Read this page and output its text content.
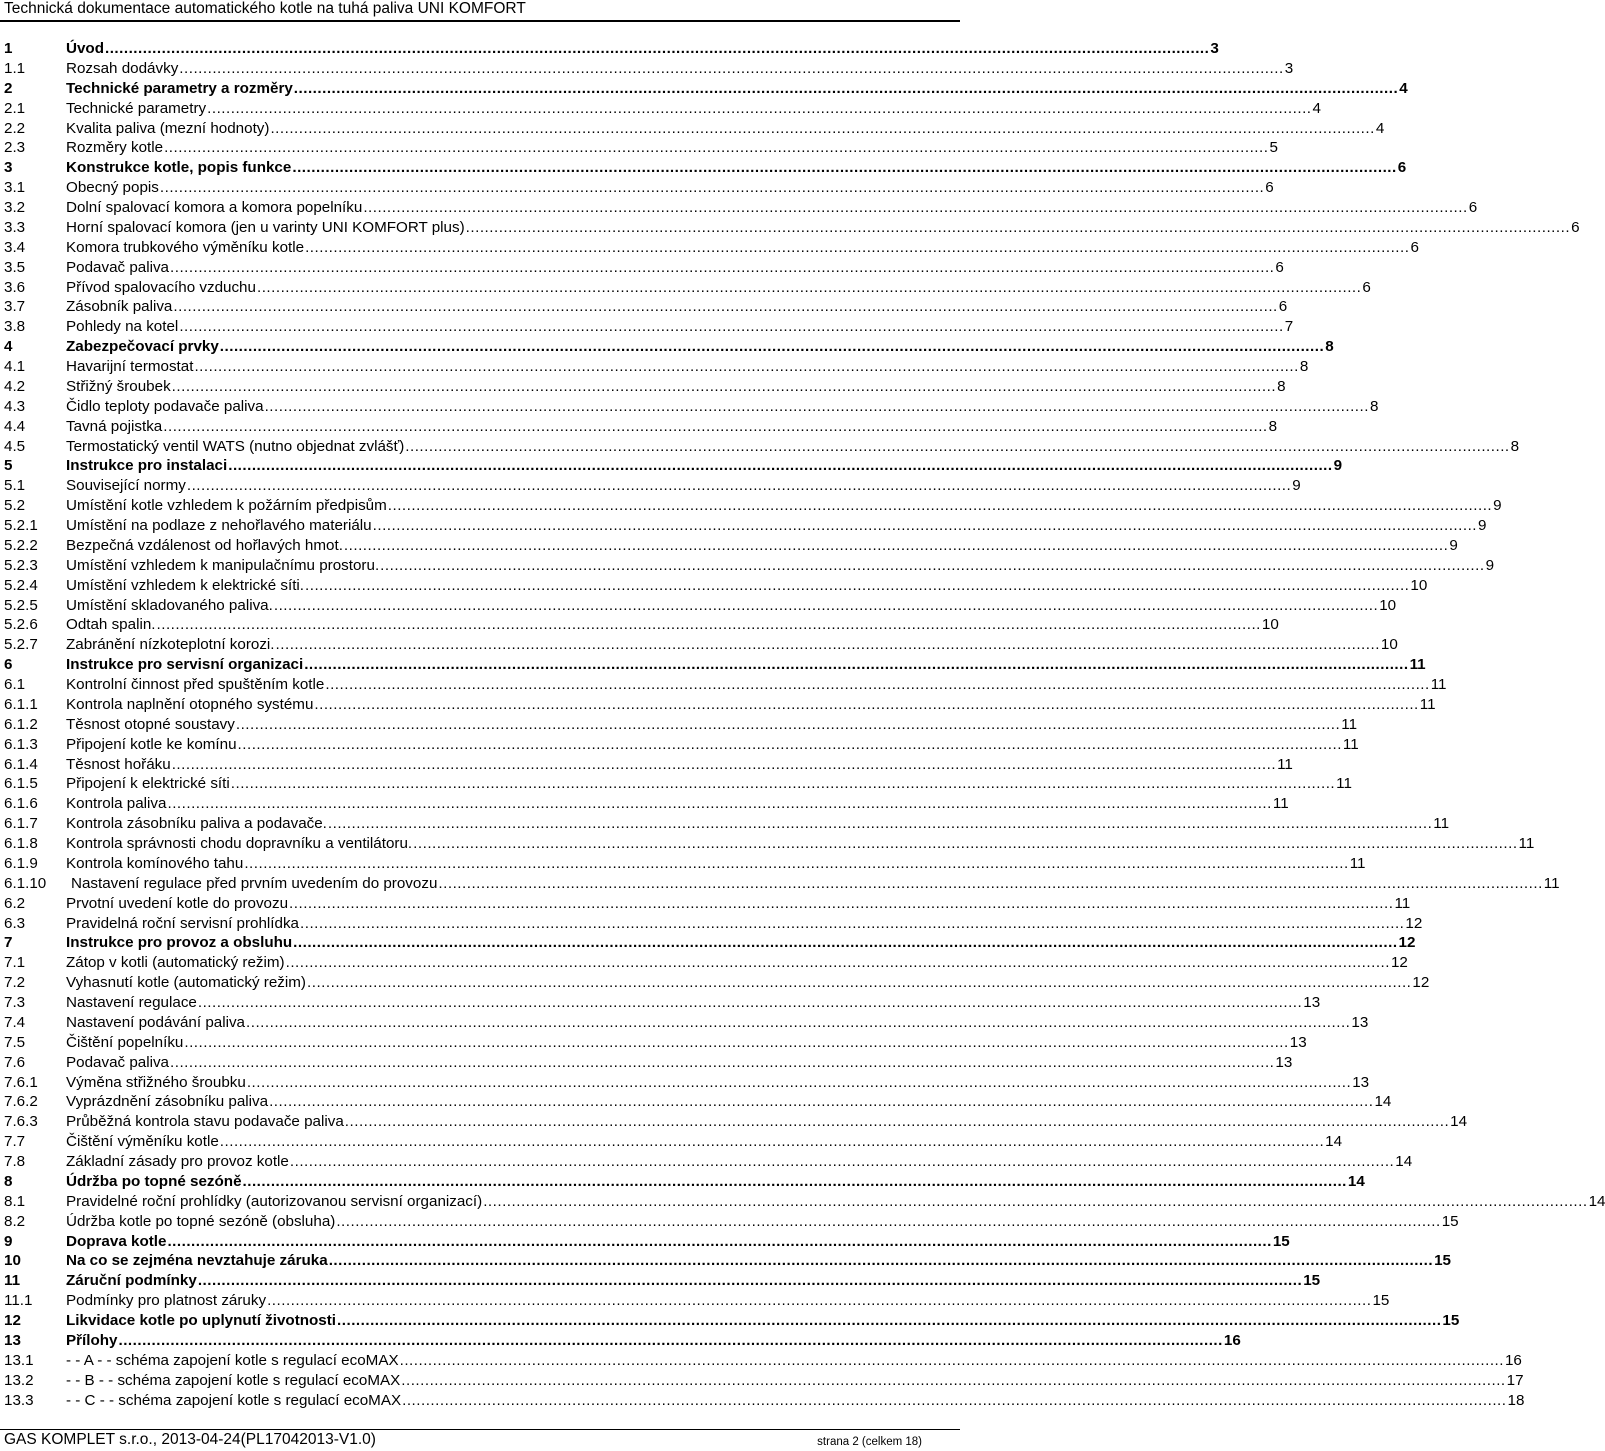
Technická dokumentace automatického kotle na tuhá paliva UNI KOMFORT
1	Úvod .....	3
1.1	Rozsah dodávky .....	3
2	Technické parametry a rozměry .....	4
2.1	Technické parametry .....	4
2.2	Kvalita paliva (mezní hodnoty) .....	4
2.3	Rozměry kotle .....	5
3	Konstrukce kotle, popis funkce .....	6
3.1	Obecný popis .....	6
3.2	Dolní spalovací komora a komora popelníku .....	6
3.3	Horní spalovací komora (jen u varinty UNI KOMFORT plus) .....	6
3.4	Komora trubkového výměníku kotle .....	6
3.5	Podavač paliva .....	6
3.6	Přívod spalovacího vzduchu .....	6
3.7	Zásobník paliva .....	6
3.8	Pohledy na kotel .....	7
4	Zabezpečovací prvky .....	8
4.1	Havarijní termostat .....	8
4.2	Střižný šroubek .....	8
4.3	Čidlo teploty podavače paliva .....	8
4.4	Tavná pojistka .....	8
4.5	Termostatický ventil WATS (nutno objednat zvlášť) .....	8
5	Instrukce pro instalaci .....	9
5.1	Související normy .....	9
5.2	Umístění kotle vzhledem k požárním předpisům .....	9
5.2.1	Umístění na podlaze z nehořlavého materiálu .....	9
5.2.2	Bezpečná vzdálenost od hořlavých hmot. .....	9
5.2.3	Umístění vzhledem k manipulačnímu prostoru. .....	9
5.2.4	Umístění vzhledem k elektrické síti. .....	10
5.2.5	Umístění skladovaného paliva. .....	10
5.2.6	Odtah spalin. .....	10
5.2.7	Zabránění nízkoteplotní korozi. .....	10
6	Instrukce pro servisní organizaci .....	11
6.1	Kontrolní činnost před spuštěním kotle .....	11
6.1.1	Kontrola naplnění otopného systému .....	11
6.1.2	Těsnost otopné soustavy .....	11
6.1.3	Připojení kotle ke komínu .....	11
6.1.4	Těsnost hořáku .....	11
6.1.5	Připojení k elektrické síti .....	11
6.1.6	Kontrola paliva .....	11
6.1.7	Kontrola zásobníku paliva a podavače. .....	11
6.1.8	Kontrola správnosti chodu dopravníku a ventilátoru. .....	11
6.1.9	Kontrola komínového tahu .....	11
6.1.10	Nastavení regulace před prvním uvedením do provozu .....	11
6.2	Prvotní uvedení kotle do provozu .....	11
6.3	Pravidelná roční servisní prohlídka .....	12
7	Instrukce pro provoz a obsluhu .....	12
7.1	Zátop v kotli (automatický režim) .....	12
7.2	Vyhasnutí kotle (automatický režim) .....	12
7.3	Nastavení regulace .....	13
7.4	Nastavení podávání paliva .....	13
7.5	Čištění popelníku .....	13
7.6	Podavač paliva .....	13
7.6.1	Výměna střižného šroubku .....	13
7.6.2	Vyprázdnění zásobníku paliva .....	14
7.6.3	Průběžná kontrola stavu podavače paliva .....	14
7.7	Čištění výměníku kotle .....	14
7.8	Základní zásady pro provoz kotle .....	14
8	Údržba po topné sezóně .....	14
8.1	Pravidelné roční prohlídky (autorizovanou servisní organizací) .....	14
8.2	Údržba kotle po topné sezóně (obsluha) .....	15
9	Doprava kotle .....	15
10	Na co se zejména nevztahuje záruka .....	15
11	Záruční podmínky .....	15
11.1	Podmínky pro platnost záruky .....	15
12	Likvidace kotle po uplynutí životnosti .....	15
13	Přílohy .....	16
13.1	- - A - - schéma zapojení kotle s regulací ecoMAX .....	16
13.2	- - B - - schéma zapojení kotle s regulací ecoMAX .....	17
13.3	- - C - - schéma zapojení kotle s regulací ecoMAX .....	18
GAS KOMPLET s.r.o., 2013-04-24(PL17042013-V1.0)	strana 2 (celkem 18)
